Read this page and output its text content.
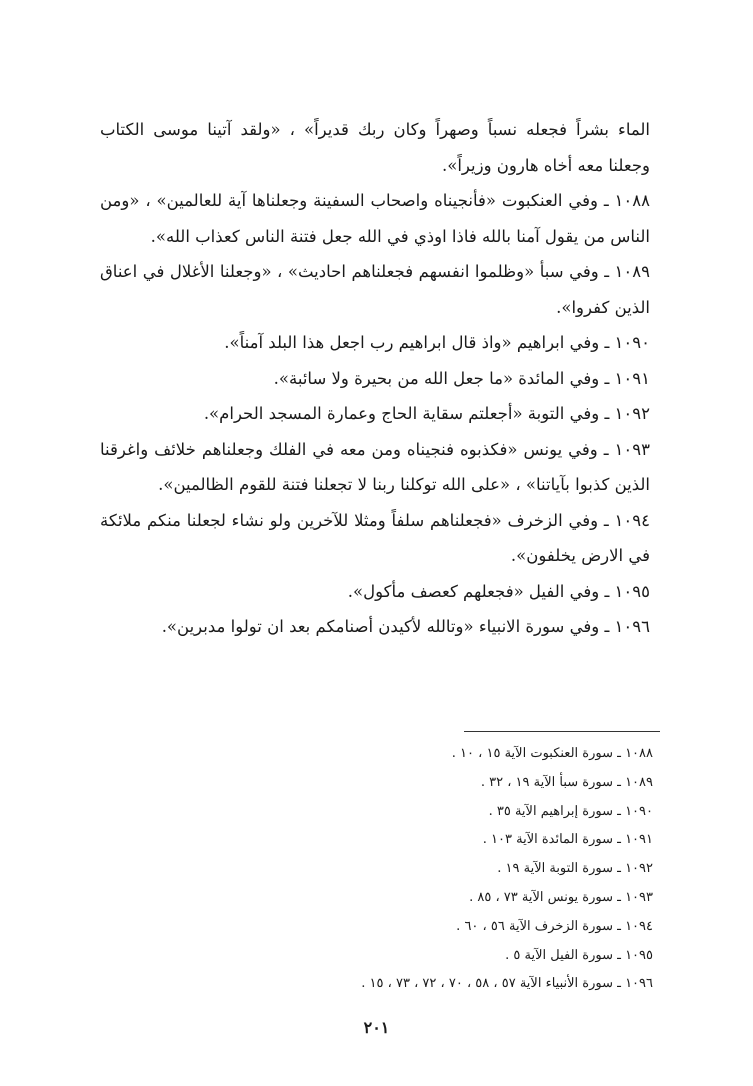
الماء بشراً فجعله نسباً وصهراً وكان ربك قديراً» ، «ولقد آتينا موسى الكتاب وجعلنا معه أخاه هارون وزيراً».

١٠٨٨ ـ وفي العنكبوت «فأنجيناه واصحاب السفينة وجعلناها آية للعالمين» ، «ومن الناس من يقول آمنا بالله فاذا اوذي في الله جعل فتنة الناس كعذاب الله».

١٠٨٩ ـ وفي سبأ «وظلموا انفسهم فجعلناهم احاديث» ، «وجعلنا الأغلال في اعناق الذين كفروا».

١٠٩٠ ـ وفي ابراهيم «واذ قال ابراهيم رب اجعل هذا البلد آمناً».

١٠٩١ ـ وفي المائدة «ما جعل الله من بحيرة ولا سائبة».

١٠٩٢ ـ وفي التوبة «أجعلتم سقاية الحاج وعمارة المسجد الحرام».

١٠٩٣ ـ وفي يونس «فكذبوه فنجيناه ومن معه في الفلك وجعلناهم خلائف واغرقنا الذين كذبوا بآياتنا» ، «على الله توكلنا ربنا لا تجعلنا فتنة للقوم الظالمين».

١٠٩٤ ـ وفي الزخرف «فجعلناهم سلفاً ومثلا للآخرين ولو نشاء لجعلنا منكم ملائكة في الارض يخلفون».

١٠٩٥ ـ وفي الفيل «فجعلهم كعصف مأكول».

١٠٩٦ ـ وفي سورة الانبياء «وتالله لأكيدن أصنامكم بعد ان تولوا مدبرين».

١٠٨٨ ـ سورة العنكبوت الآية ١٥ ، ١٠ .

١٠٨٩ ـ سورة سبأ الآية ١٩ ، ٣٢ .

١٠٩٠ ـ سورة إبراهيم الآية ٣٥ .

١٠٩١ ـ سورة المائدة الآية ١٠٣ .

١٠٩٢ ـ سورة التوبة الآية ١٩ .

١٠٩٣ ـ سورة يونس الآية ٧٣ ، ٨٥ .

١٠٩٤ ـ سورة الزخرف الآية ٥٦ ، ٦٠ .

١٠٩٥ ـ سورة الفيل الآية ٥ .

١٠٩٦ ـ سورة الأنبياء الآية ٥٧ ، ٥٨ ، ٧٠ ، ٧٢ ، ٧٣ ، ١٥ .

٢٠١
